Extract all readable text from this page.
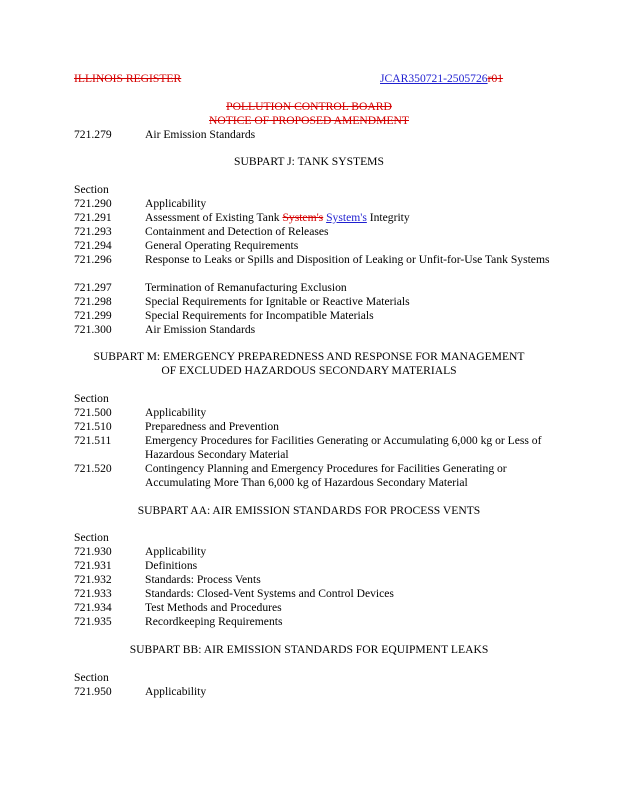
ILLINOIS REGISTER	JCAR350721-2505726r01
POLLUTION CONTROL BOARD
NOTICE OF PROPOSED AMENDMENT
721.279	Air Emission Standards
SUBPART J: TANK SYSTEMS
Section
721.290	Applicability
721.291	Assessment of Existing Tank System's System's Integrity
721.293	Containment and Detection of Releases
721.294	General Operating Requirements
721.296	Response to Leaks or Spills and Disposition of Leaking or Unfit-for-Use Tank Systems
721.297	Termination of Remanufacturing Exclusion
721.298	Special Requirements for Ignitable or Reactive Materials
721.299	Special Requirements for Incompatible Materials
721.300	Air Emission Standards
SUBPART M: EMERGENCY PREPAREDNESS AND RESPONSE FOR MANAGEMENT
OF EXCLUDED HAZARDOUS SECONDARY MATERIALS
Section
721.500	Applicability
721.510	Preparedness and Prevention
721.511	Emergency Procedures for Facilities Generating or Accumulating 6,000 kg or Less of Hazardous Secondary Material
721.520	Contingency Planning and Emergency Procedures for Facilities Generating or Accumulating More Than 6,000 kg of Hazardous Secondary Material
SUBPART AA: AIR EMISSION STANDARDS FOR PROCESS VENTS
Section
721.930	Applicability
721.931	Definitions
721.932	Standards: Process Vents
721.933	Standards: Closed-Vent Systems and Control Devices
721.934	Test Methods and Procedures
721.935	Recordkeeping Requirements
SUBPART BB: AIR EMISSION STANDARDS FOR EQUIPMENT LEAKS
Section
721.950	Applicability
